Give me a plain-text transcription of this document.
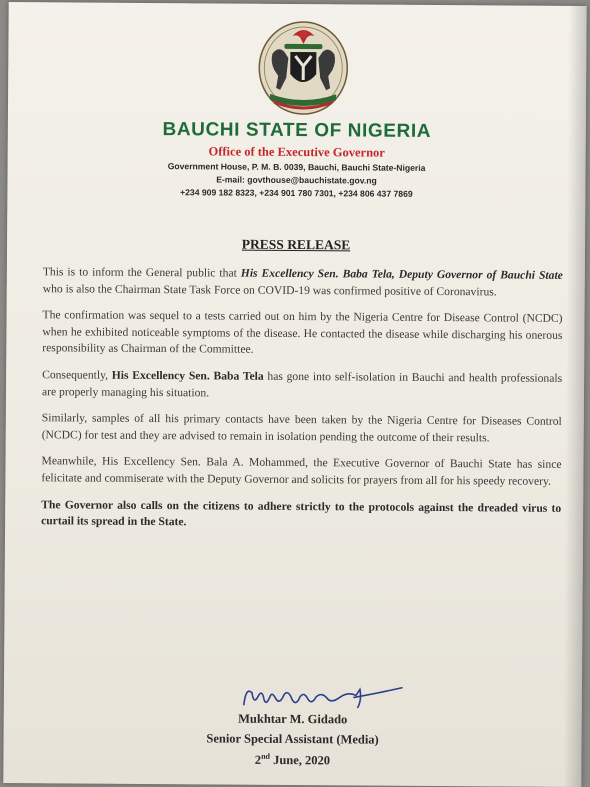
BAUCHI STATE OF NIGERIA
Office of the Executive Governor
Government House, P. M. B. 0039, Bauchi, Bauchi State-Nigeria
E-mail: govthouse@bauchistate.gov.ng
+234 909 182 8323, +234 901 780 7301, +234 806 437 7869
PRESS RELEASE

This is to inform the General public that His Excellency Sen. Baba Tela, Deputy Governor of Bauchi State who is also the Chairman State Task Force on COVID-19 was confirmed positive of Coronavirus.

The confirmation was sequel to a tests carried out on him by the Nigeria Centre for Disease Control (NCDC) when he exhibited noticeable symptoms of the disease. He contacted the disease while discharging his onerous responsibility as Chairman of the Committee.

Consequently, His Excellency Sen. Baba Tela has gone into self-isolation in Bauchi and health professionals are properly managing his situation.

Similarly, samples of all his primary contacts have been taken by the Nigeria Centre for Diseases Control (NCDC) for test and they are advised to remain in isolation pending the outcome of their results.

Meanwhile, His Excellency Sen. Bala A. Mohammed, the Executive Governor of Bauchi State has since felicitate and commiserate with the Deputy Governor and solicits for prayers from all for his speedy recovery.

The Governor also calls on the citizens to adhere strictly to the protocols against the dreaded virus to curtail its spread in the State.

Mukhtar M. Gidado
Senior Special Assistant (Media)
2nd June, 2020
